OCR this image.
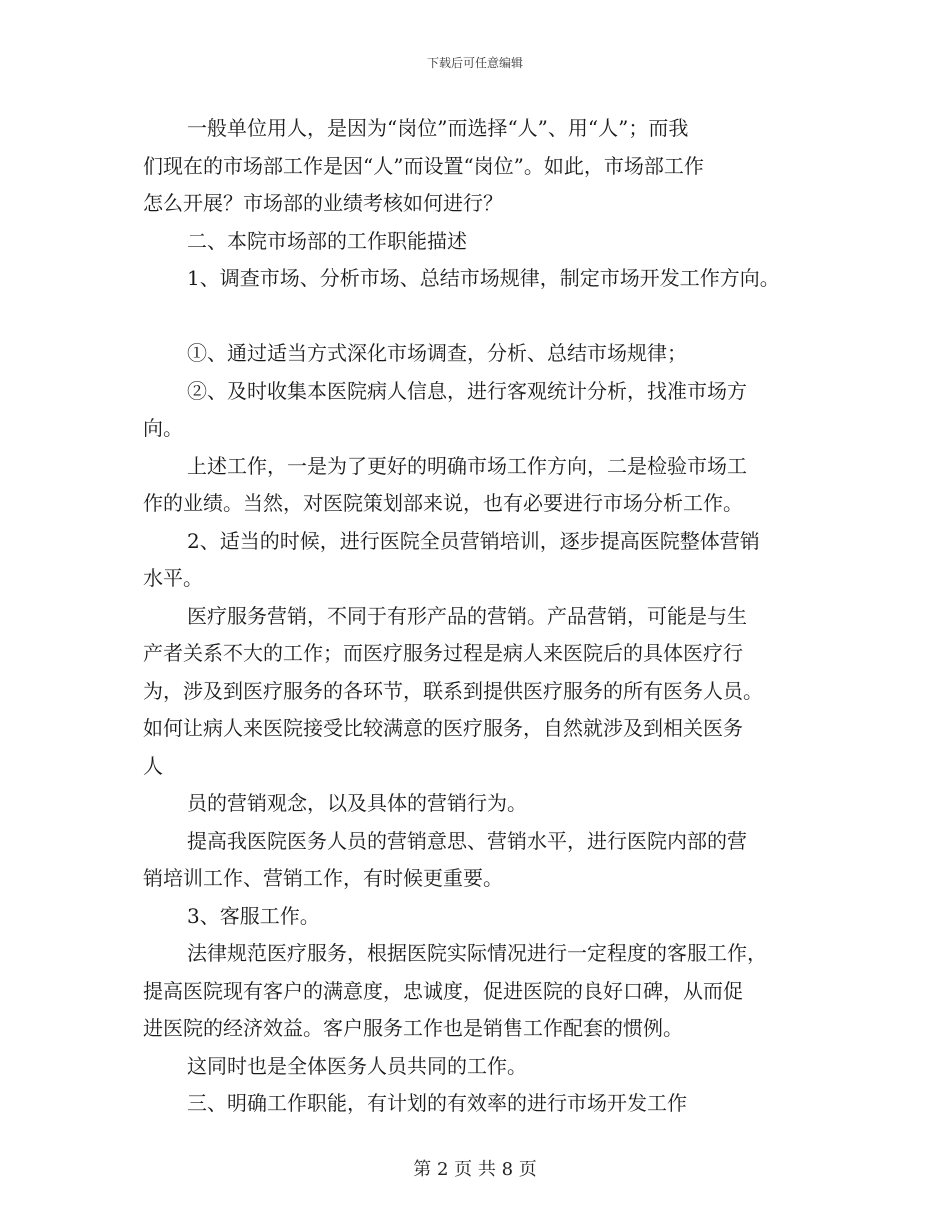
下载后可任意编辑
一般单位用人，是因为“岗位”而选择“人”、用“人”；而我
们现在的市场部工作是因“人”而设置“岗位”。如此，市场部工作
怎么开展？市场部的业绩考核如何进行？
二、本院市场部的工作职能描述
1、调查市场、分析市场、总结市场规律，制定市场开发工作方向。
①、通过适当方式深化市场调查，分析、总结市场规律；
②、及时收集本医院病人信息，进行客观统计分析，找准市场方
向。
上述工作，一是为了更好的明确市场工作方向，二是检验市场工
作的业绩。当然，对医院策划部来说，也有必要进行市场分析工作。
2、适当的时候，进行医院全员营销培训，逐步提高医院整体营销
水平。
医疗服务营销，不同于有形产品的营销。产品营销，可能是与生
产者关系不大的工作；而医疗服务过程是病人来医院后的具体医疗行
为，涉及到医疗服务的各环节，联系到提供医疗服务的所有医务人员。
如何让病人来医院接受比较满意的医疗服务，自然就涉及到相关医务
人
员的营销观念，以及具体的营销行为。
提高我医院医务人员的营销意思、营销水平，进行医院内部的营
销培训工作、营销工作，有时候更重要。
3、客服工作。
法律规范医疗服务，根据医院实际情况进行一定程度的客服工作，
提高医院现有客户的满意度，忠诚度，促进医院的良好口碑，从而促
进医院的经济效益。客户服务工作也是销售工作配套的惯例。
这同时也是全体医务人员共同的工作。
三、明确工作职能，有计划的有效率的进行市场开发工作
第 2 页 共 8 页
